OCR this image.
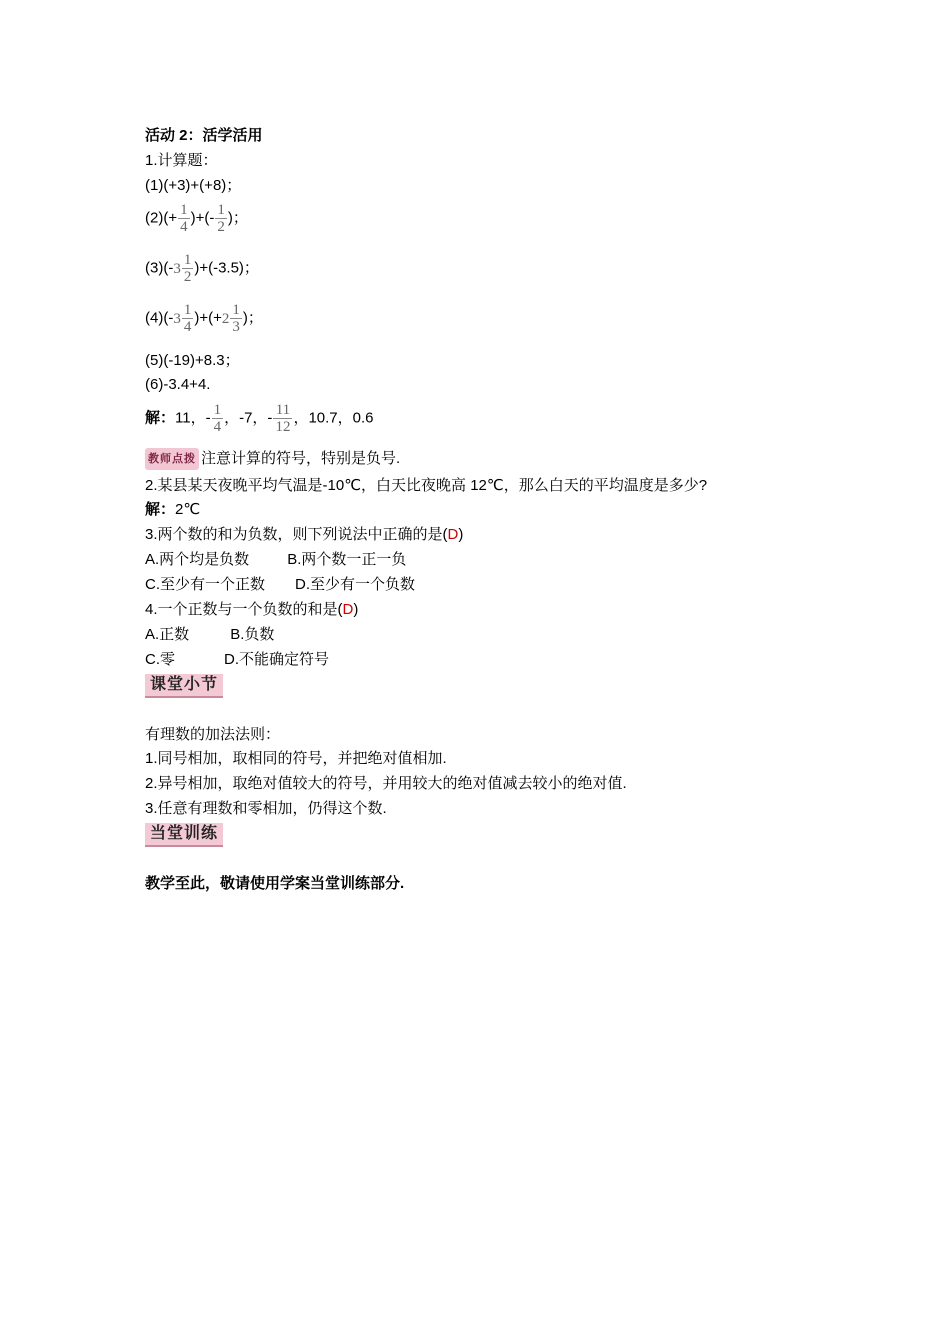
活动 2：活学活用
1.计算题：
(1)(+3)+(+8)；
$(2)(+ \frac{1}{4}$ )+(- $\frac{1}{2}$ )；
$(3)(-3 \frac{1}{2} )+(-3.5)$；
$(4)(-3 \frac{1}{4} )+(+2 \frac{1}{3}$ )；
(5)(-19)+8.3；
(6)-3.4+4.
解：11，- $\frac{1}{4}$ ，-7，- $\frac{11}{12}$ ，10.7，0.6
教师点拨 注意计算的符号，特别是负号.
2.某县某天夜晚平均气温是-10℃，白天比夜晚高 12℃，那么白天的平均温度是多少?
解：2℃
3.两个数的和为负数，则下列说法中正确的是(D)
A.两个均是负数	B.两个数一正一负
C.至少有一个正数 D.至少有一个负数
4.一个正数与一个负数的和是(D)
A.正数	B.负数
C.零	D.不能确定符号
课堂小节
有理数的加法法则：
1.同号相加，取相同的符号，并把绝对值相加.
2.异号相加，取绝对值较大的符号，并用较大的绝对值减去较小的绝对值.
3.任意有理数和零相加，仍得这个数.
当堂训练
教学至此，敬请使用学案当堂训练部分.
